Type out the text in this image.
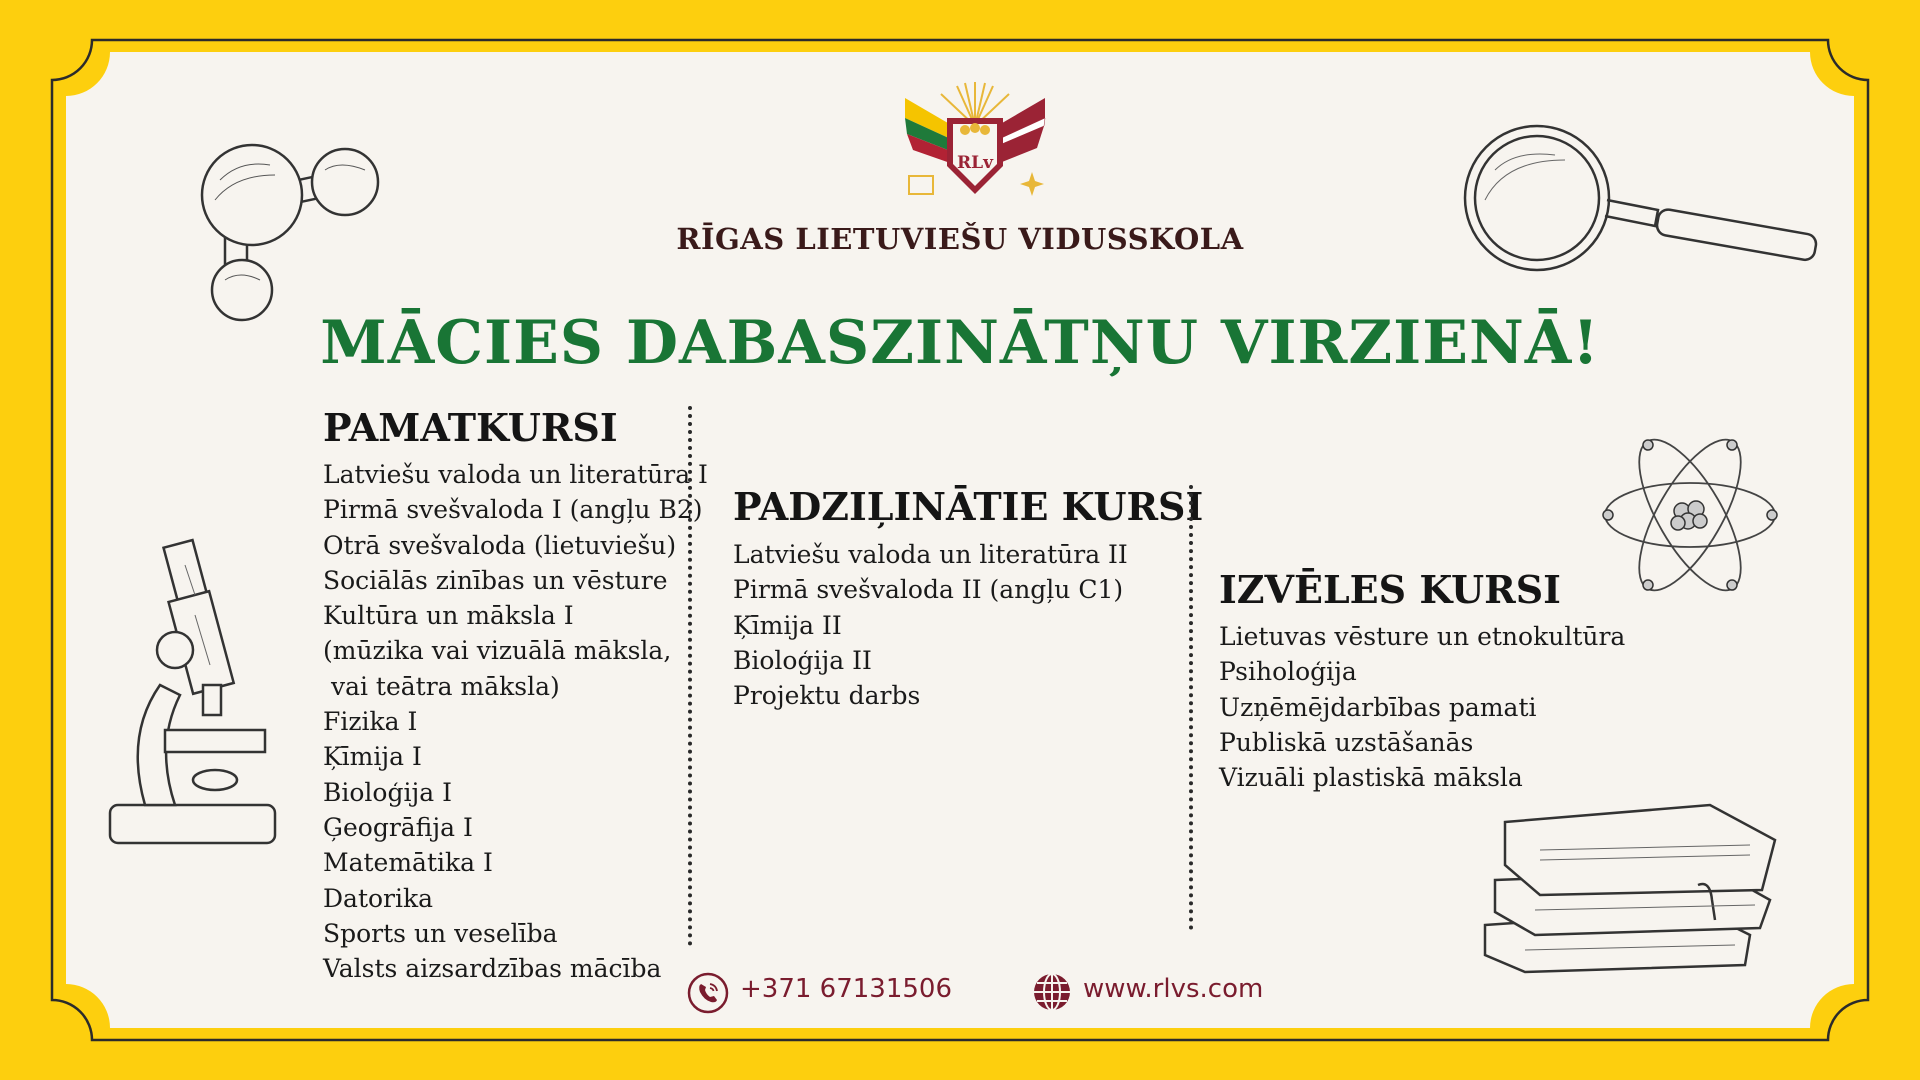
RLv
RĪGAS LIETUVIEŠU VIDUSSKOLA
MĀCIES DABASZINĀTŅU VIRZIENĀ!
PAMATKURSI
Latviešu valoda un literatūra I
Pirmā svešvaloda I (angļu B2)
Otrā svešvaloda (lietuviešu)
Sociālās zinības un vēsture
Kultūra un māksla I
(mūzika vai vizuālā māksla,
vai teātra māksla)
Fizika I
Ķīmija I
Bioloģija I
Ģeogrāfija I
Matemātika I
Datorika
Sports un veselība
Valsts aizsardzības mācība
PADZIĻINĀTIE KURSI
Latviešu valoda un literatūra II
Pirmā svešvaloda II (angļu C1)
Ķīmija II
Bioloģija II
Projektu darbs
IZVĒLES KURSI
Lietuvas vēsture un etnokultūra
Psiholoģija
Uzņēmējdarbības pamati
Publiskā uzstāšanās
Vizuāli plastiskā māksla
+371 67131506	www.rlvs.com
